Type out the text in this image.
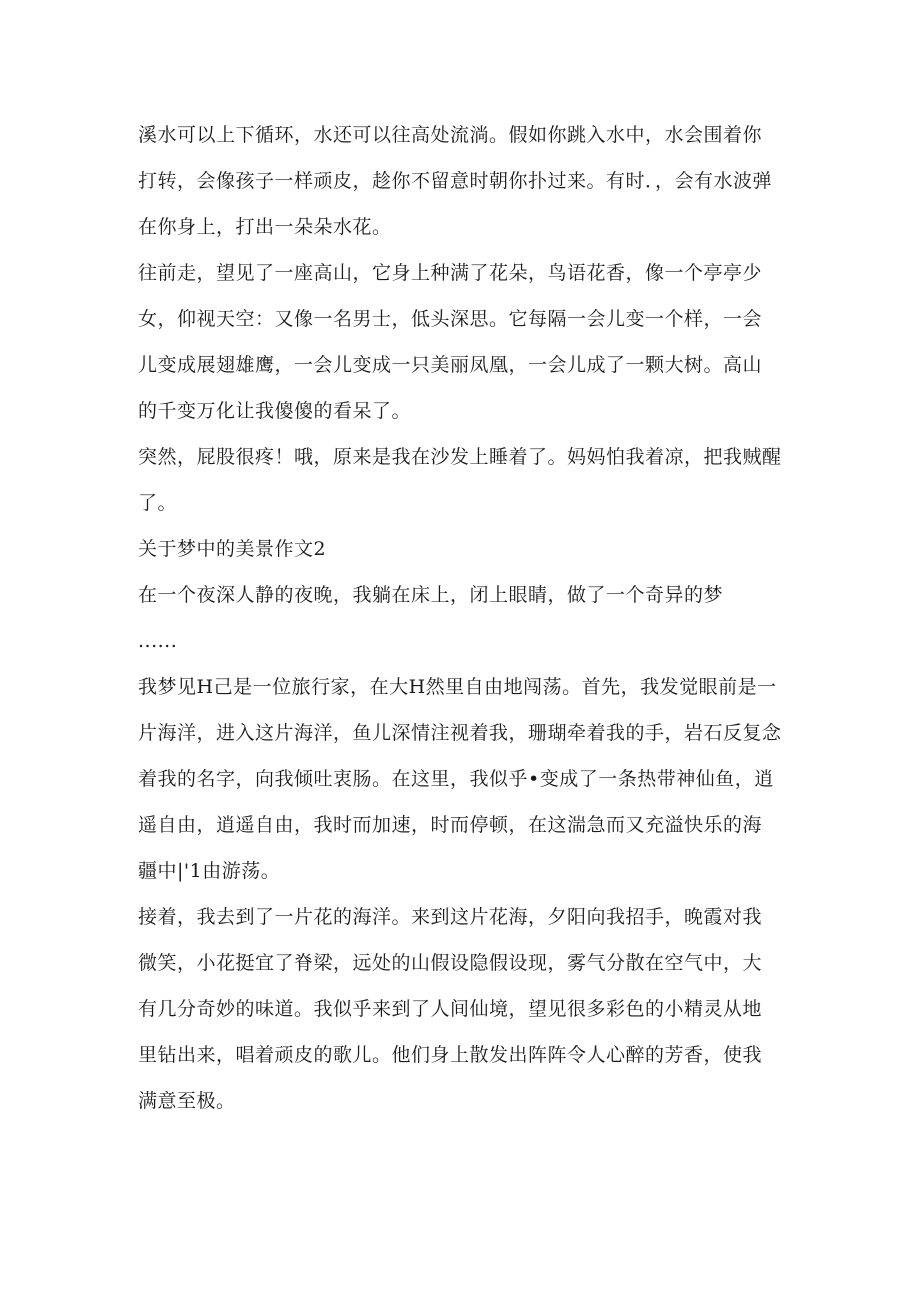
溪水可以上下循环，水还可以往高处流淌。假如你跳入水中，水会围着你
打转，会像孩子一样顽皮，趁你不留意时朝你扑过来。有时．，会有水波弹
在你身上，打出一朵朵水花。

往前走，望见了一座高山，它身上种满了花朵，鸟语花香，像一个亭亭少
女，仰视天空：又像一名男士，低头深思。它每隔一会儿变一个样，一会
儿变成展翅雄鹰，一会儿变成一只美丽凤凰，一会儿成了一颗大树。高山
的千变万化让我傻傻的看呆了。

突然，屁股很疼！哦，原来是我在沙发上睡着了。妈妈怕我着凉，把我贼醒
了。

关于梦中的美景作文2

在一个夜深人静的夜晚，我躺在床上，闭上眼睛，做了一个奇异的梦
......

我梦见H己是一位旅行家，在大H然里自由地闯荡。首先，我发觉眼前是一
片海洋，进入这片海洋，鱼儿深情注视着我，珊瑚牵着我的手，岩石反复念
着我的名字，向我倾吐衷肠。在这里，我似乎•变成了一条热带神仙鱼，逍
遥自由，逍遥自由，我时而加速，时而停顿，在这湍急而又充溢快乐的海
疆中|'1由游荡。

接着，我去到了一片花的海洋。来到这片花海，夕阳向我招手，晚霞对我
微笑，小花挺宜了脊梁，远处的山假设隐假设现，雾气分散在空气中，大
有几分奇妙的味道。我似乎来到了人间仙境，望见很多彩色的小精灵从地
里钻出来，唱着顽皮的歌儿。他们身上散发出阵阵令人心醉的芳香，使我
满意至极。
